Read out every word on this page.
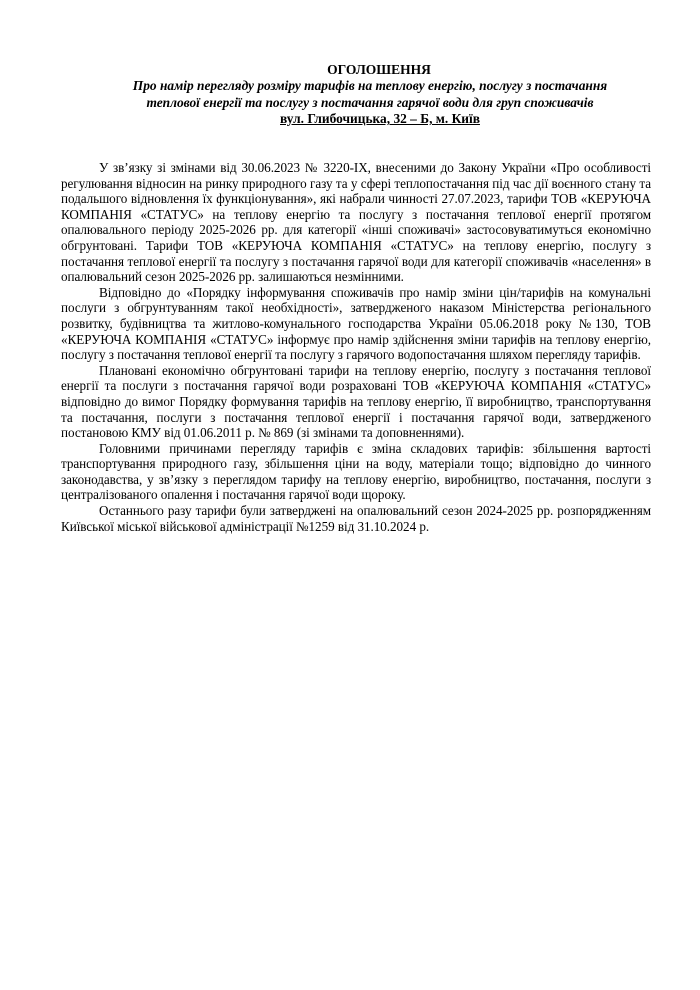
ОГОЛОШЕННЯ

Про намір перегляду розміру тарифів на теплову енергію, послугу з постачання

теплової енергії та послугу з постачання гарячої води для груп споживачів

вул. Глибочицька, 32 – Б, м. Київ

У зв’язку зі змінами від 30.06.2023 № 3220-ІХ, внесеними до Закону України «Про особливості регулювання відносин на ринку природного газу та у сфері теплопостачання під час дії воєнного стану та подальшого відновлення їх функціонування», які набрали чинності 27.07.2023, тарифи ТОВ «КЕРУЮЧА КОМПАНІЯ «СТАТУС» на теплову енергію та послугу з постачання теплової енергії протягом опалювального періоду 2025-2026 рр. для категорії «інші споживачі» застосовуватимуться економічно обгрунтовані. Тарифи ТОВ «КЕРУЮЧА КОМПАНІЯ «СТАТУС» на теплову енергію, послугу з постачання теплової енергії та послугу з постачання гарячої води для категорії споживачів «населення» в опалювальний сезон 2025-2026 рр. залишаються незмінними.

Відповідно до «Порядку інформування споживачів про намір зміни цін/тарифів на комунальні послуги з обгрунтуванням такої необхідності», затвердженого наказом Міністерства регіонального розвитку, будівництва та житлово-комунального господарства України 05.06.2018 року №130, ТОВ «КЕРУЮЧА КОМПАНІЯ «СТАТУС» інформує про намір здійснення зміни тарифів на теплову енергію, послугу з постачання теплової енергії та послугу з гарячого водопостачання шляхом перегляду тарифів.

Плановані економічно обгрунтовані тарифи на теплову енергію, послугу з постачання теплової енергії та послуги з постачання гарячої води розраховані ТОВ «КЕРУЮЧА КОМПАНІЯ «СТАТУС» відповідно до вимог Порядку формування тарифів на теплову енергію, її виробництво, транспортування та постачання, послуги з постачання теплової енергії і постачання гарячої води, затвердженого постановою КМУ від 01.06.2011 р. № 869 (зі змінами та доповненнями).

Головними причинами перегляду тарифів є зміна складових тарифів: збільшення вартості транспортування природного газу, збільшення ціни на воду, матеріали тощо; відповідно до чинного законодавства, у зв’язку з переглядом тарифу на теплову енергію, виробництво, постачання, послуги з централізованого опалення і постачання гарячої води щороку.

Останнього разу тарифи були затверджені на опалювальний сезон 2024-2025 рр. розпорядженням Київської міської військової адміністрації №1259 від 31.10.2024 р.
